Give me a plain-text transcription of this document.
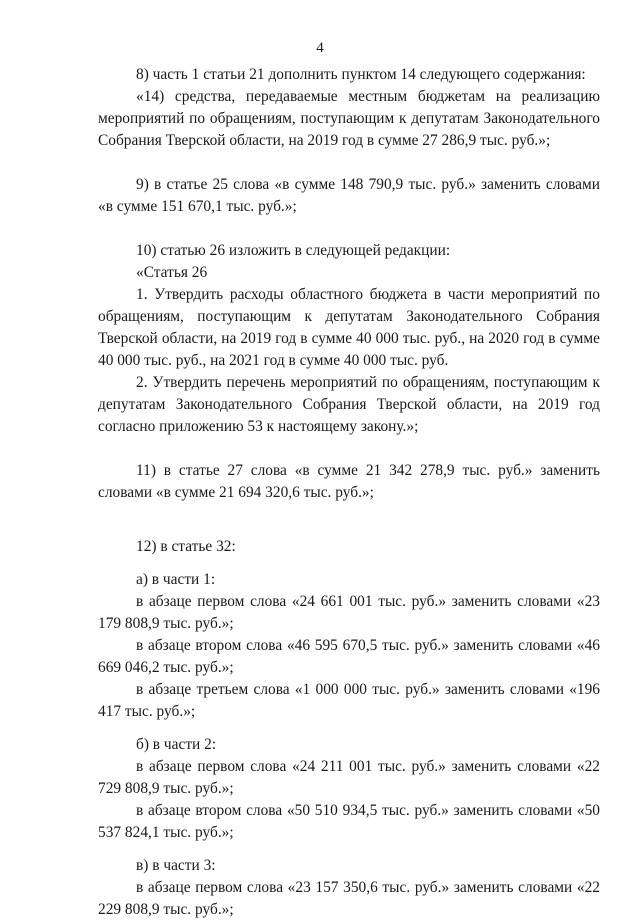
4

8) часть 1 статьи 21 дополнить пунктом 14 следующего содержания:

«14) средства, передаваемые местным бюджетам на реализацию мероприятий по обращениям, поступающим к депутатам Законодательного Собрания Тверской области, на 2019 год в сумме 27 286,9 тыс. руб.»;

9) в статье 25 слова «в сумме 148 790,9 тыс. руб.» заменить словами «в сумме 151 670,1 тыс. руб.»;

10) статью 26 изложить в следующей редакции:

«Статья 26

1. Утвердить расходы областного бюджета в части мероприятий по обращениям, поступающим к депутатам Законодательного Собрания Тверской области, на 2019 год в сумме 40 000 тыс. руб., на 2020 год в сумме 40 000 тыс. руб., на 2021 год в сумме 40 000 тыс. руб.

2. Утвердить перечень мероприятий по обращениям, поступающим к депутатам Законодательного Собрания Тверской области, на 2019 год согласно приложению 53 к настоящему закону.»;

11) в статье 27 слова «в сумме 21 342 278,9 тыс. руб.» заменить словами «в сумме 21 694 320,6 тыс. руб.»;

12) в статье 32:

а) в части 1:

в абзаце первом слова «24 661 001 тыс. руб.» заменить словами «23 179 808,9 тыс. руб.»;

в абзаце втором слова «46 595 670,5 тыс. руб.» заменить словами «46 669 046,2 тыс. руб.»;

в абзаце третьем слова «1 000 000 тыс. руб.» заменить словами «196 417 тыс. руб.»;

б) в части 2:

в абзаце первом слова «24 211 001 тыс. руб.» заменить словами «22 729 808,9 тыс. руб.»;

в абзаце втором слова «50 510 934,5 тыс. руб.» заменить словами «50 537 824,1 тыс. руб.»;

в) в части 3:

в абзаце первом слова «23 157 350,6 тыс. руб.» заменить словами «22 229 808,9 тыс. руб.»;
